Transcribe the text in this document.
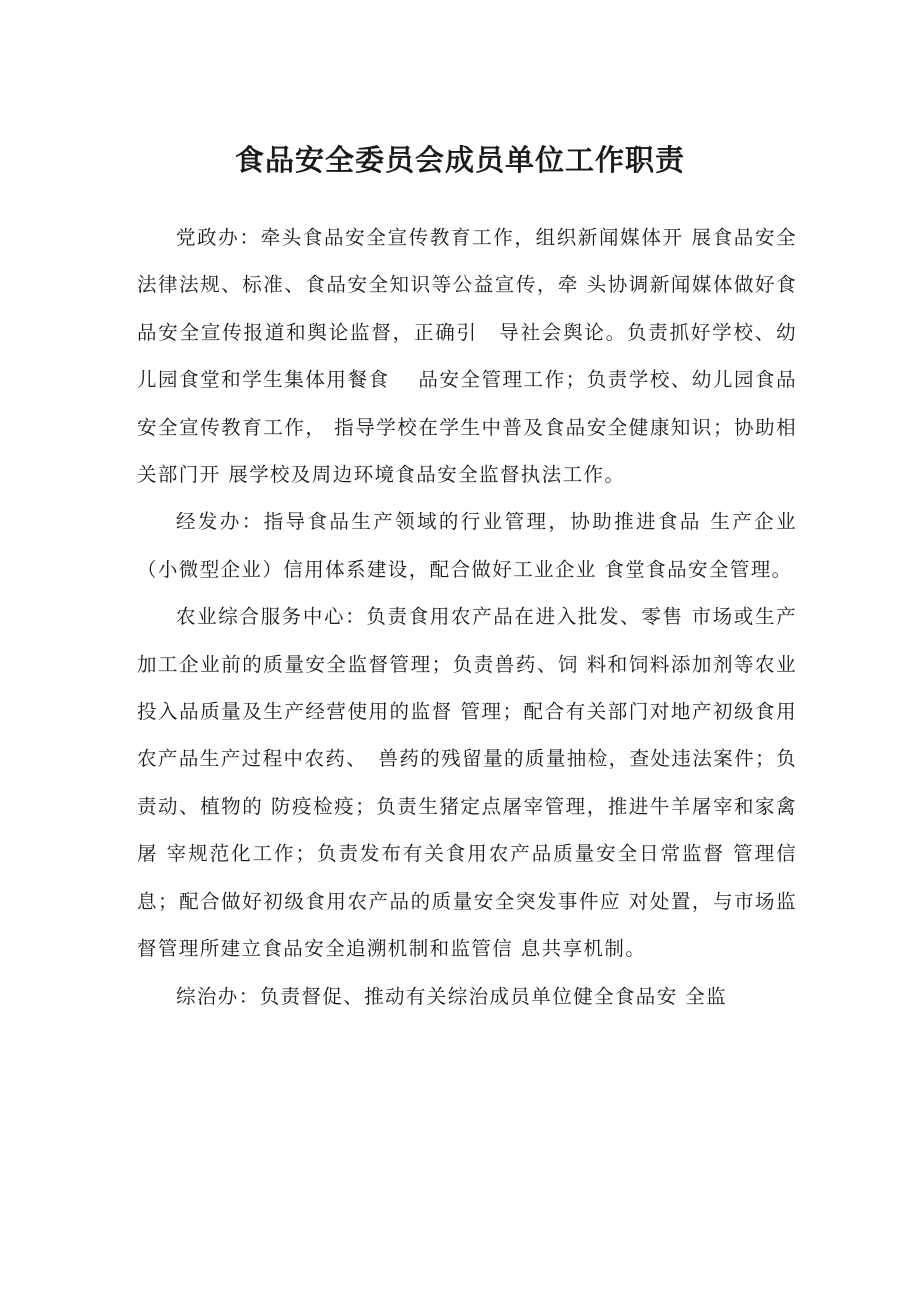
食品安全委员会成员单位工作职责

党政办：牵头食品安全宣传教育工作，组织新闻媒体开 展食品安全法律法规、标准、食品安全知识等公益宣传，牵 头协调新闻媒体做好食品安全宣传报道和舆论监督，正确引　导社会舆论。负责抓好学校、幼儿园食堂和学生集体用餐食　 品安全管理工作；负责学校、幼儿园食品安全宣传教育工作， 指导学校在学生中普及食品安全健康知识；协助相关部门开 展学校及周边环境食品安全监督执法工作。

经发办：指导食品生产领域的行业管理，协助推进食品 生产企业（小微型企业）信用体系建设，配合做好工业企业 食堂食品安全管理。

农业综合服务中心：负责食用农产品在进入批发、零售 市场或生产加工企业前的质量安全监督管理；负责兽药、饲 料和饲料添加剂等农业投入品质量及生产经营使用的监督 管理；配合有关部门对地产初级食用农产品生产过程中农药、　兽药的残留量的质量抽检，查处违法案件；负责动、植物的 防疫检疫；负责生猪定点屠宰管理，推进牛羊屠宰和家禽屠 宰规范化工作；负责发布有关食用农产品质量安全日常监督 管理信息；配合做好初级食用农产品的质量安全突发事件应 对处置，与市场监督管理所建立食品安全追溯机制和监管信 息共享机制。

综治办：负责督促、推动有关综治成员单位健全食品安 全监
